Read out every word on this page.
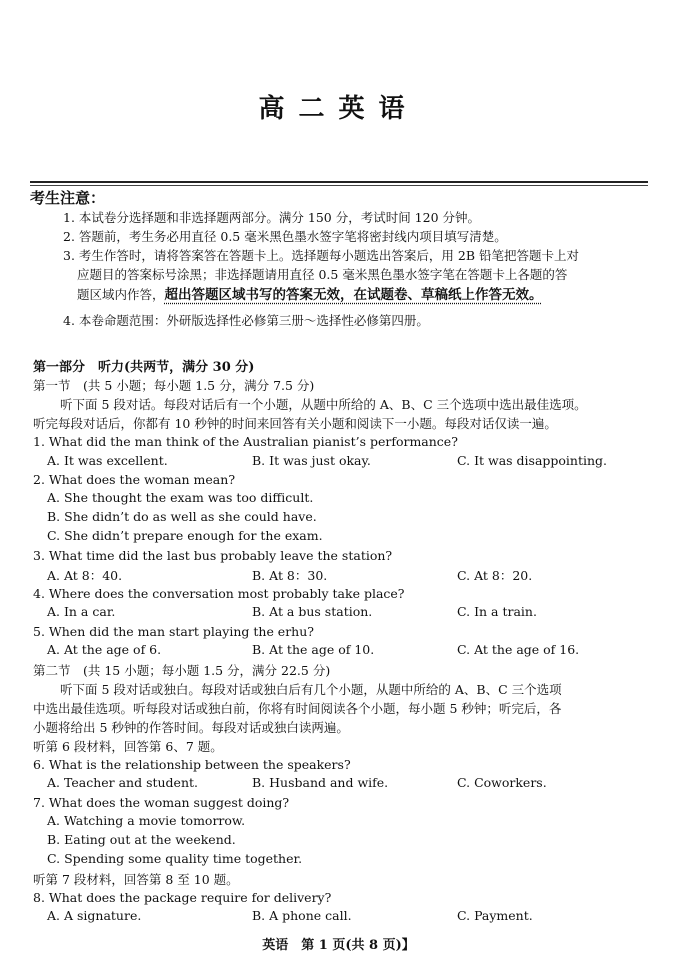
高二英语
考生注意：
1. 本试卷分选择题和非选择题两部分。满分 150 分，考试时间 120 分钟。
2. 答题前，考生务必用直径 0.5 毫米黑色墨水签字笔将密封线内项目填写清楚。
3. 考生作答时，请将答案答在答题卡上。选择题每小题选出答案后，用 2B 铅笔把答题卡上对
应题目的答案标号涂黑；非选择题请用直径 0.5 毫米黑色墨水签字笔在答题卡上各题的答
题区域内作答，超出答题区域书写的答案无效，在试题卷、草稿纸上作答无效。
4. 本卷命题范围：外研版选择性必修第三册～选择性必修第四册。
第一部分　听力(共两节，满分 30 分)
第一节　(共 5 小题；每小题 1.5 分，满分 7.5 分)
听下面 5 段对话。每段对话后有一个小题，从题中所给的 A、B、C 三个选项中选出最佳选项。
听完每段对话后，你都有 10 秒钟的时间来回答有关小题和阅读下一小题。每段对话仅读一遍。
1. What did the man think of the Australian pianist’s performance?
A. It was excellent.	B. It was just okay.	C. It was disappointing.
2. What does the woman mean?
A. She thought the exam was too difficult.
B. She didn’t do as well as she could have.
C. She didn’t prepare enough for the exam.
3. What time did the last bus probably leave the station?
A. At 8：40.	B. At 8：30.	C. At 8：20.
4. Where does the conversation most probably take place?
A. In a car.	B. At a bus station.	C. In a train.
5. When did the man start playing the erhu?
A. At the age of 6.	B. At the age of 10.	C. At the age of 16.
第二节　(共 15 小题；每小题 1.5 分，满分 22.5 分)
听下面 5 段对话或独白。每段对话或独白后有几个小题，从题中所给的 A、B、C 三个选项
中选出最佳选项。听每段对话或独白前，你将有时间阅读各个小题，每小题 5 秒钟；听完后，各
小题将给出 5 秒钟的作答时间。每段对话或独白读两遍。
听第 6 段材料，回答第 6、7 题。
6. What is the relationship between the speakers?
A. Teacher and student.	B. Husband and wife.	C. Coworkers.
7. What does the woman suggest doing?
A. Watching a movie tomorrow.
B. Eating out at the weekend.
C. Spending some quality time together.
听第 7 段材料，回答第 8 至 10 题。
8. What does the package require for delivery?
A. A signature.	B. A phone call.	C. Payment.
英语　第 1 页(共 8 页)】
